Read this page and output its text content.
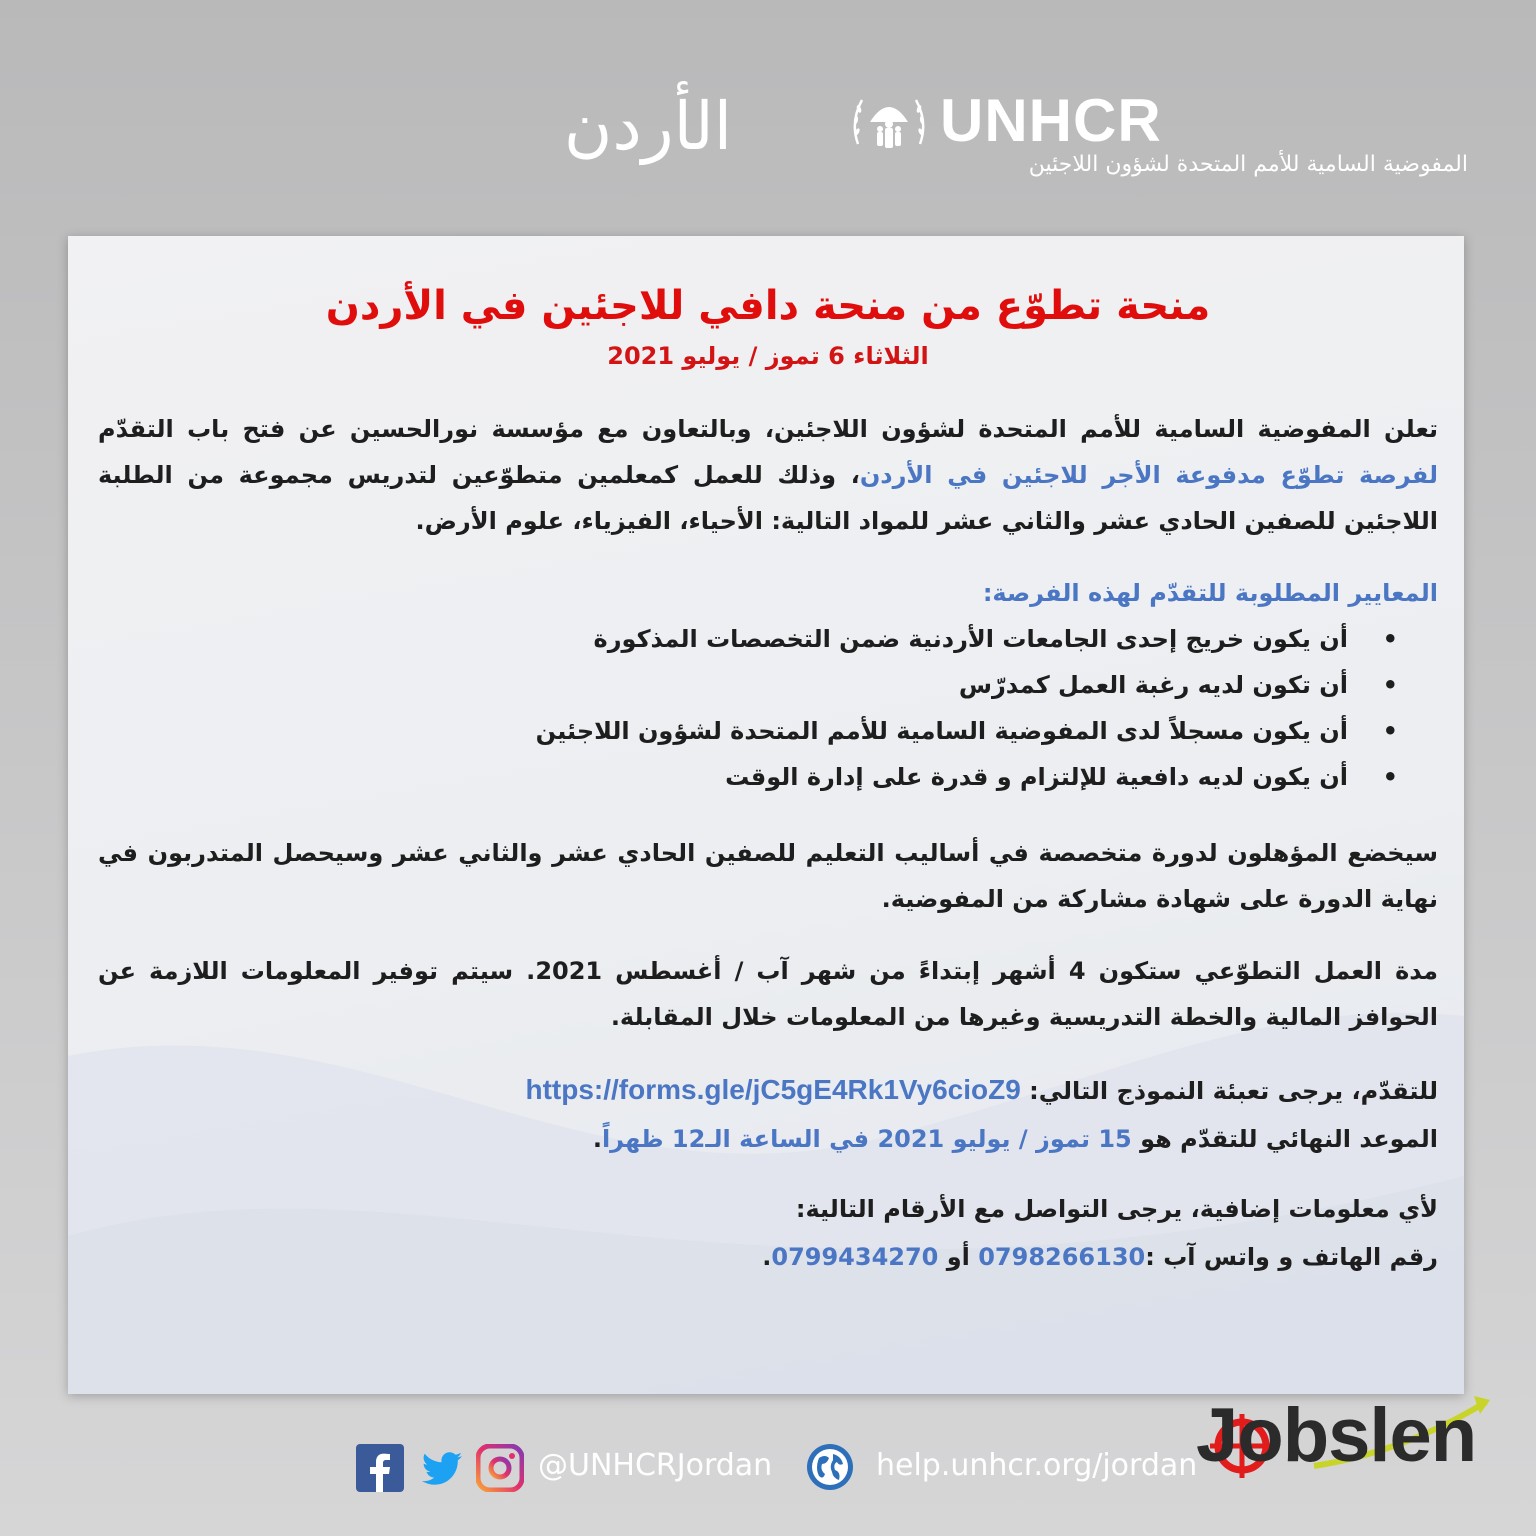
الأردن	UNHCR
المفوضية السامية للأمم المتحدة لشؤون اللاجئين

منحة تطوّع من منحة دافي للاجئين في الأردن

الثلاثاء 6 تموز / يوليو 2021

تعلن المفوضية السامية للأمم المتحدة لشؤون اللاجئين، وبالتعاون مع مؤسسة نورالحسين عن فتح باب التقدّم لفرصة تطوّع مدفوعة الأجر للاجئين في الأردن، وذلك للعمل كمعلمين متطوّعين لتدريس مجموعة من الطلبة اللاجئين للصفين الحادي عشر والثاني عشر للمواد التالية: الأحياء، الفيزياء، علوم الأرض.

المعايير المطلوبة للتقدّم لهذه الفرصة:

• أن يكون خريج إحدى الجامعات الأردنية ضمن التخصصات المذكورة
• أن تكون لديه رغبة العمل كمدرّس
• أن يكون مسجلاً لدى المفوضية السامية للأمم المتحدة لشؤون اللاجئين
• أن يكون لديه دافعية للإلتزام و قدرة على إدارة الوقت

سيخضع المؤهلون لدورة متخصصة في أساليب التعليم للصفين الحادي عشر والثاني عشر وسيحصل المتدربون في نهاية الدورة على شهادة مشاركة من المفوضية.

مدة العمل التطوّعي ستكون 4 أشهر إبتداءً من شهر آب / أغسطس 2021. سيتم توفير المعلومات اللازمة عن الحوافز المالية والخطة التدريسية وغيرها من المعلومات خلال المقابلة.

للتقدّم، يرجى تعبئة النموذج التالي: https://forms.gle/jC5gE4Rk1Vy6cioZ9

الموعد النهائي للتقدّم هو 15 تموز / يوليو 2021 في الساعة الـ12 ظهراً.

لأي معلومات إضافية، يرجى التواصل مع الأرقام التالية:

رقم الهاتف و واتس آب :0798266130 أو 0799434270.

@UNHCRJordan	help.unhcr.org/jordan
Jobslen
